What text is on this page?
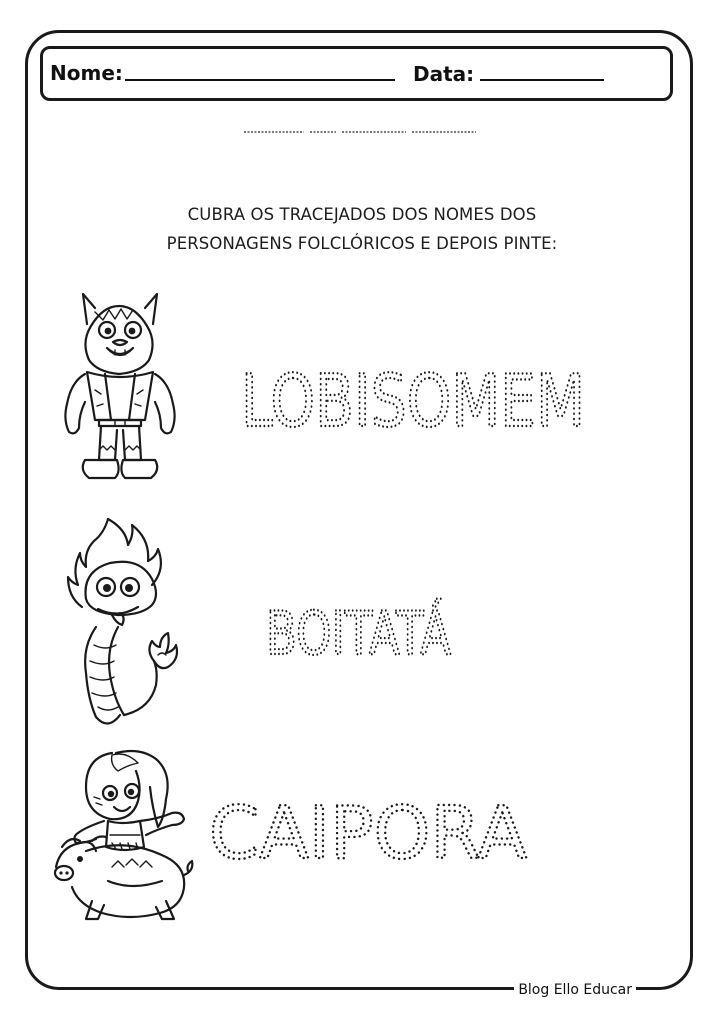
Nome:	Data:
CUBRA OS TRACEJADOS DOS NOMES DOS
PERSONAGENS FOLCLÓRICOS E DEPOIS PINTE:
LOBISOMEM
BOITATÁ
CAIPORA
Blog Ello Educar
